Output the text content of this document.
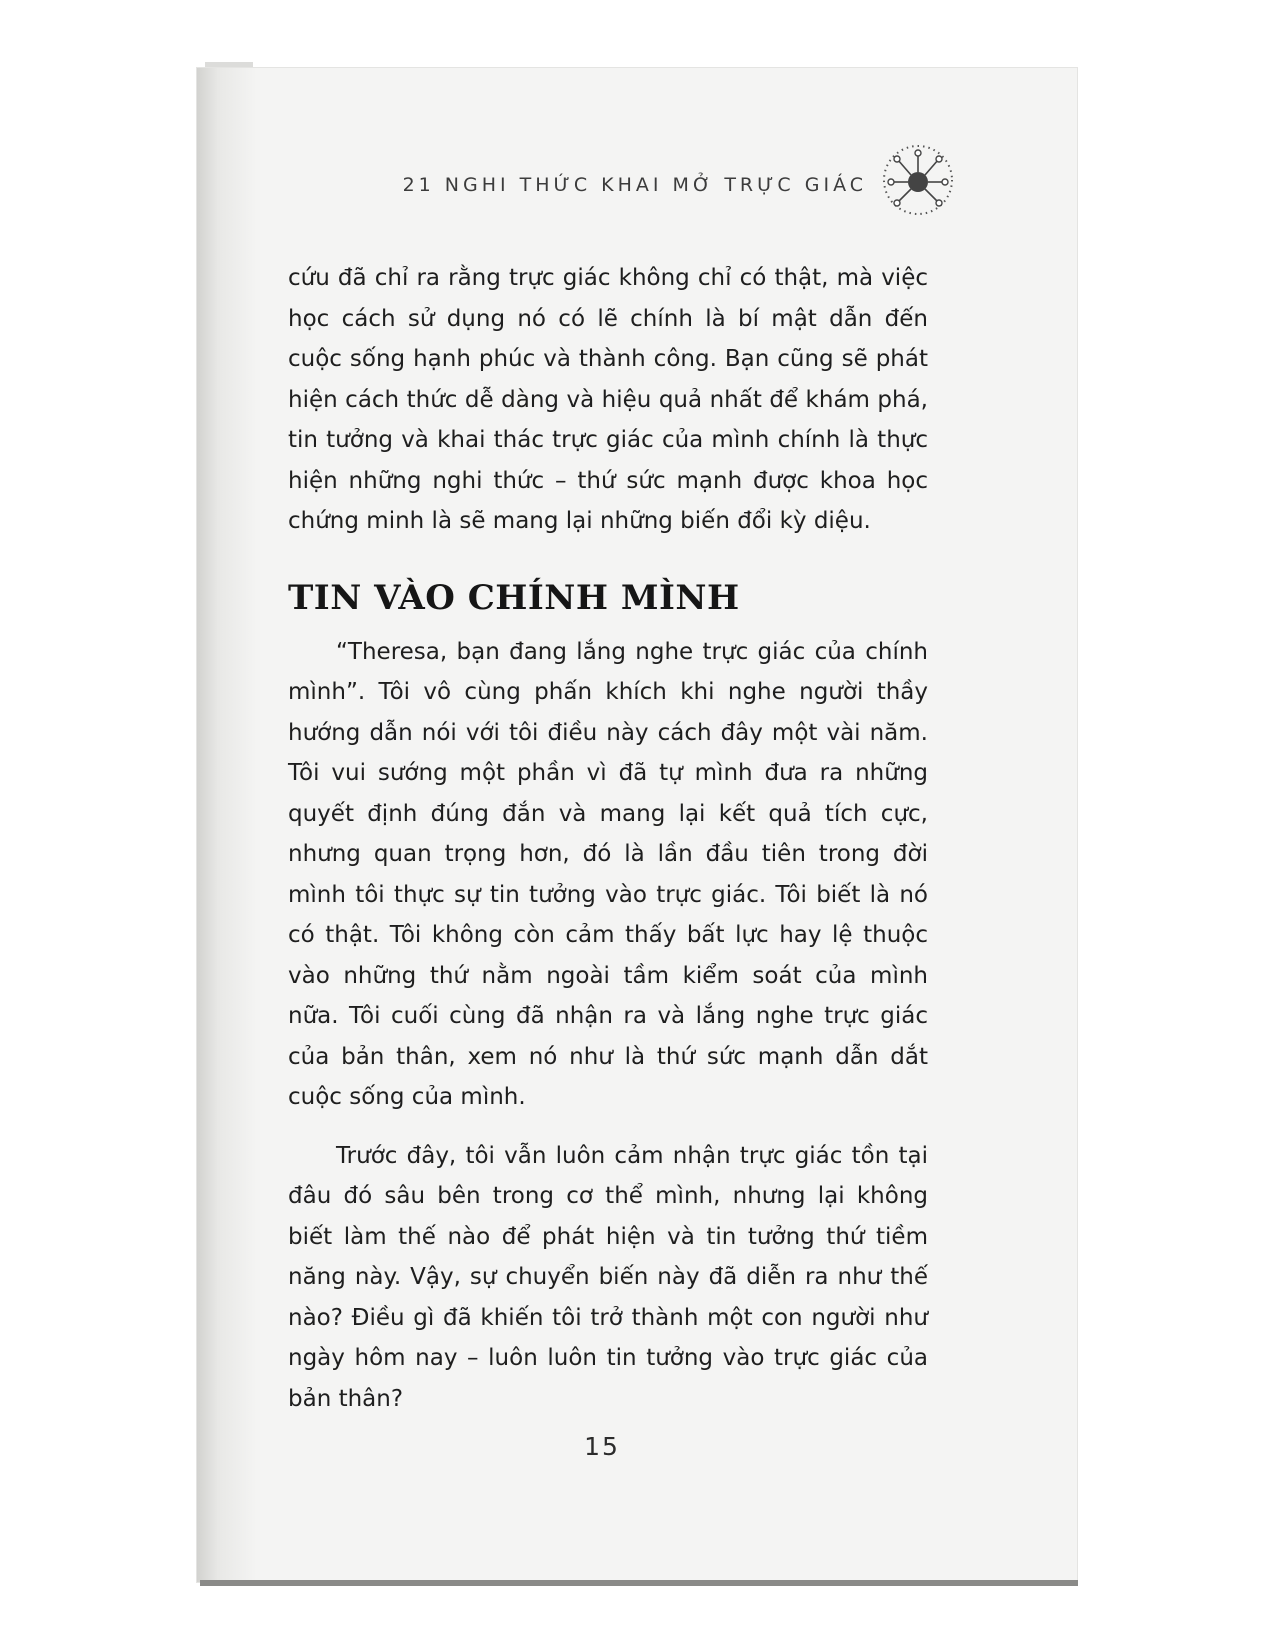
21 NGHI THỨC KHAI MỞ TRỰC GIÁC

cứu đã chỉ ra rằng trực giác không chỉ có thật, mà việc học cách sử dụng nó có lẽ chính là bí mật dẫn đến cuộc sống hạnh phúc và thành công. Bạn cũng sẽ phát hiện cách thức dễ dàng và hiệu quả nhất để khám phá, tin tưởng và khai thác trực giác của mình chính là thực hiện những nghi thức – thứ sức mạnh được khoa học chứng minh là sẽ mang lại những biến đổi kỳ diệu.

TIN VÀO CHÍNH MÌNH

“Theresa, bạn đang lắng nghe trực giác của chính mình”. Tôi vô cùng phấn khích khi nghe người thầy hướng dẫn nói với tôi điều này cách đây một vài năm. Tôi vui sướng một phần vì đã tự mình đưa ra những quyết định đúng đắn và mang lại kết quả tích cực, nhưng quan trọng hơn, đó là lần đầu tiên trong đời mình tôi thực sự tin tưởng vào trực giác. Tôi biết là nó có thật. Tôi không còn cảm thấy bất lực hay lệ thuộc vào những thứ nằm ngoài tầm kiểm soát của mình nữa. Tôi cuối cùng đã nhận ra và lắng nghe trực giác của bản thân, xem nó như là thứ sức mạnh dẫn dắt cuộc sống của mình.

Trước đây, tôi vẫn luôn cảm nhận trực giác tồn tại đâu đó sâu bên trong cơ thể mình, nhưng lại không biết làm thế nào để phát hiện và tin tưởng thứ tiềm năng này. Vậy, sự chuyển biến này đã diễn ra như thế nào? Điều gì đã khiến tôi trở thành một con người như ngày hôm nay – luôn luôn tin tưởng vào trực giác của bản thân?

15
